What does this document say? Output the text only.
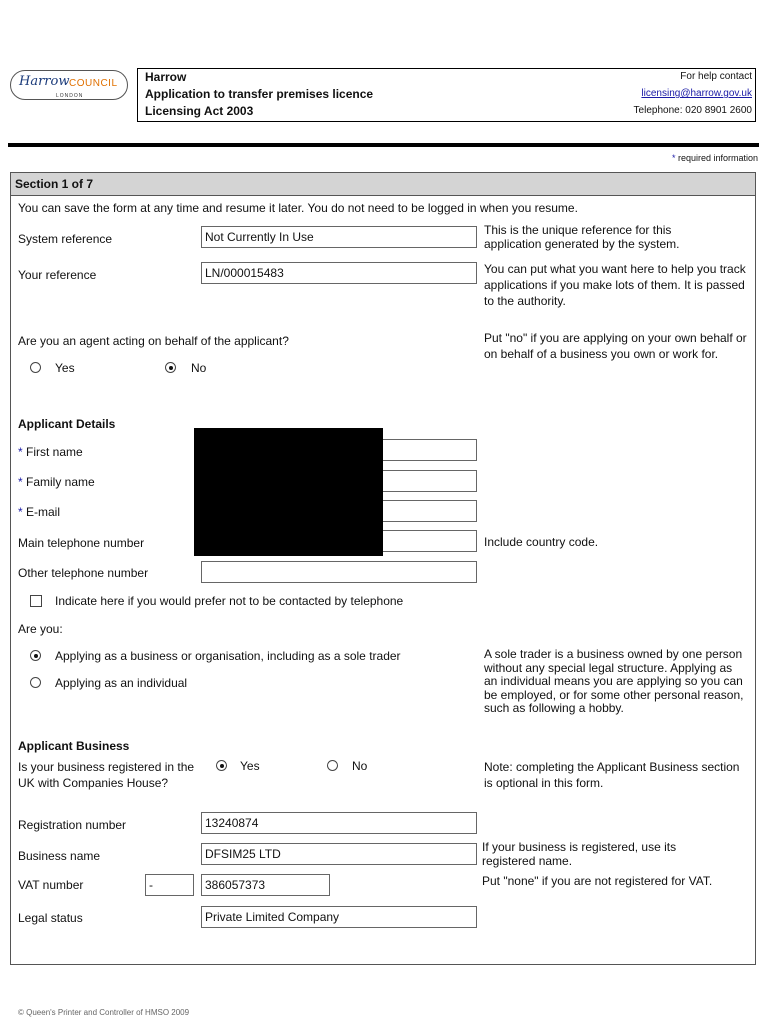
Harrow COUNCIL
LONDON
Harrow
Application to transfer premises licence
Licensing Act 2003
For help contact
licensing@harrow.gov.uk
Telephone: 020 8901 2600
* required information
Section 1 of 7
You can save the form at any time and resume it later. You do not need to be logged in when you resume.
System reference	Not Currently In Use	This is the unique reference for this application generated by the system.
Your reference	LN/000015483	You can put what you want here to help you track applications if you make lots of them. It is passed to the authority.
Are you an agent acting on behalf of the applicant?
Yes	No
Put "no" if you are applying on your own behalf or on behalf of a business you own or work for.
Applicant Details
* First name
* Family name
* E-mail
Main telephone number	Include country code.
Other telephone number
Indicate here if you would prefer not to be contacted by telephone
Are you:
Applying as a business or organisation, including as a sole trader
Applying as an individual
A sole trader is a business owned by one person without any special legal structure. Applying as an individual means you are applying so you can be employed, or for some other personal reason, such as following a hobby.
Applicant Business
Is your business registered in the UK with Companies House?
Yes	No	Note: completing the Applicant Business section is optional in this form.
Registration number	13240874
Business name	DFSIM25 LTD	If your business is registered, use its registered name.
VAT number	-	386057373	Put "none" if you are not registered for VAT.
Legal status	Private Limited Company
© Queen's Printer and Controller of HMSO 2009
